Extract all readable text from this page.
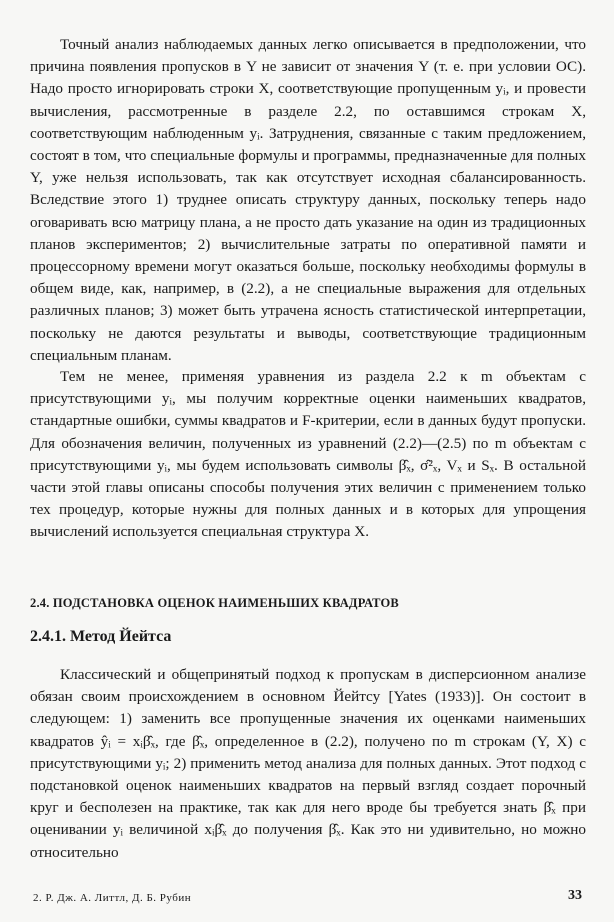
Точный анализ наблюдаемых данных легко описывается в предположении, что причина появления пропусков в Y не зависит от значения Y (т. е. при условии ОС). Надо просто игнорировать строки X, соответствующие пропущенным yᵢ, и провести вычисления, рассмотренные в разделе 2.2, по оставшимся строкам X, соответствующим наблюденным yᵢ. Затруднения, связанные с таким предложением, состоят в том, что специальные формулы и программы, предназначенные для полных Y, уже нельзя использовать, так как отсутствует исходная сбалансированность. Вследствие этого 1) труднее описать структуру данных, поскольку теперь надо оговаривать всю матрицу плана, а не просто дать указание на один из традиционных планов экспериментов; 2) вычислительные затраты по оперативной памяти и процессорному времени могут оказаться больше, поскольку необходимы формулы в общем виде, как, например, в (2.2), а не специальные выражения для отдельных различных планов; 3) может быть утрачена ясность статистической интерпретации, поскольку не даются результаты и выводы, соответствующие традиционным специальным планам.

Тем не менее, применяя уравнения из раздела 2.2 к m объектам с присутствующими yᵢ, мы получим корректные оценки наименьших квадратов, стандартные ошибки, суммы квадратов и F-критерии, если в данных будут пропуски. Для обозначения величин, полученных из уравнений (2.2)—(2.5) по m объектам с присутствующими yᵢ, мы будем использовать символы β̂ₓ, σ̂²ₓ, Vₓ и Sₓ. В остальной части этой главы описаны способы получения этих величин с применением только тех процедур, которые нужны для полных данных и в которых для упрощения вычислений используется специальная структура X.

2.4. ПОДСТАНОВКА ОЦЕНОК НАИМЕНЬШИХ КВАДРАТОВ
2.4.1. Метод Йейтса

Классический и общепринятый подход к пропускам в дисперсионном анализе обязан своим происхождением в основном Йейтсу [Yates (1933)]. Он состоит в следующем: 1) заменить все пропущенные значения их оценками наименьших квадратов ŷᵢ = xᵢβ̂ₓ, где β̂ₓ, определенное в (2.2), получено по m строкам (Y, X) с присутствующими yᵢ; 2) применить метод анализа для полных данных. Этот подход с подстановкой оценок наименьших квадратов на первый взгляд создает порочный круг и бесполезен на практике, так как для него вроде бы требуется знать β̂ₓ при оценивании yᵢ величиной xᵢβ̂ₓ до получения β̂ₓ. Как это ни удивительно, но можно относительно

2. Р. Дж. А. Литтл, Д. Б. Рубин	33
